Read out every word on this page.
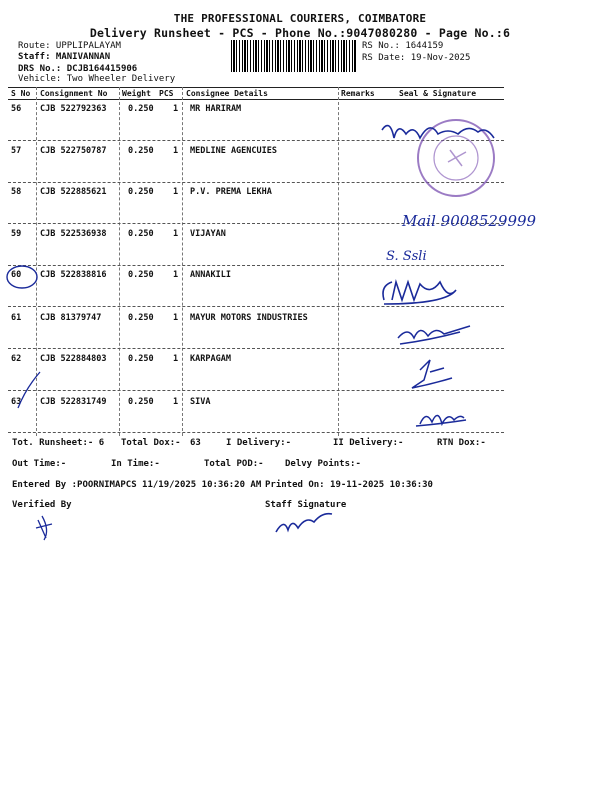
THE PROFESSIONAL COURIERS, COIMBATORE
Delivery Runsheet - PCS - Phone No.:9047080280 - Page No.:6
Route: UPPLIPALAYAM
Staff: MANIVANNAN
DRS No.: DCJB164415906
Vehicle: Two Wheeler Delivery
RS No.: 1644159
RS Date: 19-Nov-2025
S No Consignment No Weight PCS Consignee Details	Remarks	Seal & Signature
56 CJB 522792363	0.250 1 MR HARIRAM
57 CJB 522750787	0.250 1 MEDLINE AGENCUIES
58 CJB 522885621	0.250 1 P.V. PREMA LEKHA
59 CJB 522536938	0.250 1 VIJAYAN
60 CJB 522838816	0.250 1 ANNAKILI
61 CJB 81379747	0.250 1 MAYUR MOTORS INDUSTRIES
62 CJB 522884803	0.250 1 KARPAGAM
63 CJB 522831749	0.250 1 SIVA
Mail 9008529999
S. Ssli
Tot. Runsheet:- 6 Total Dox:- 63	I Delivery:-	II Delivery:-	RTN Dox:-
Out Time:-	In Time:-	Total POD:- Delvy Points:-
Entered By :POORNIMAPCS 11/19/2025 10:36:20 AM Printed On: 19-11-2025 10:36:30
Verified By	Staff Signature
